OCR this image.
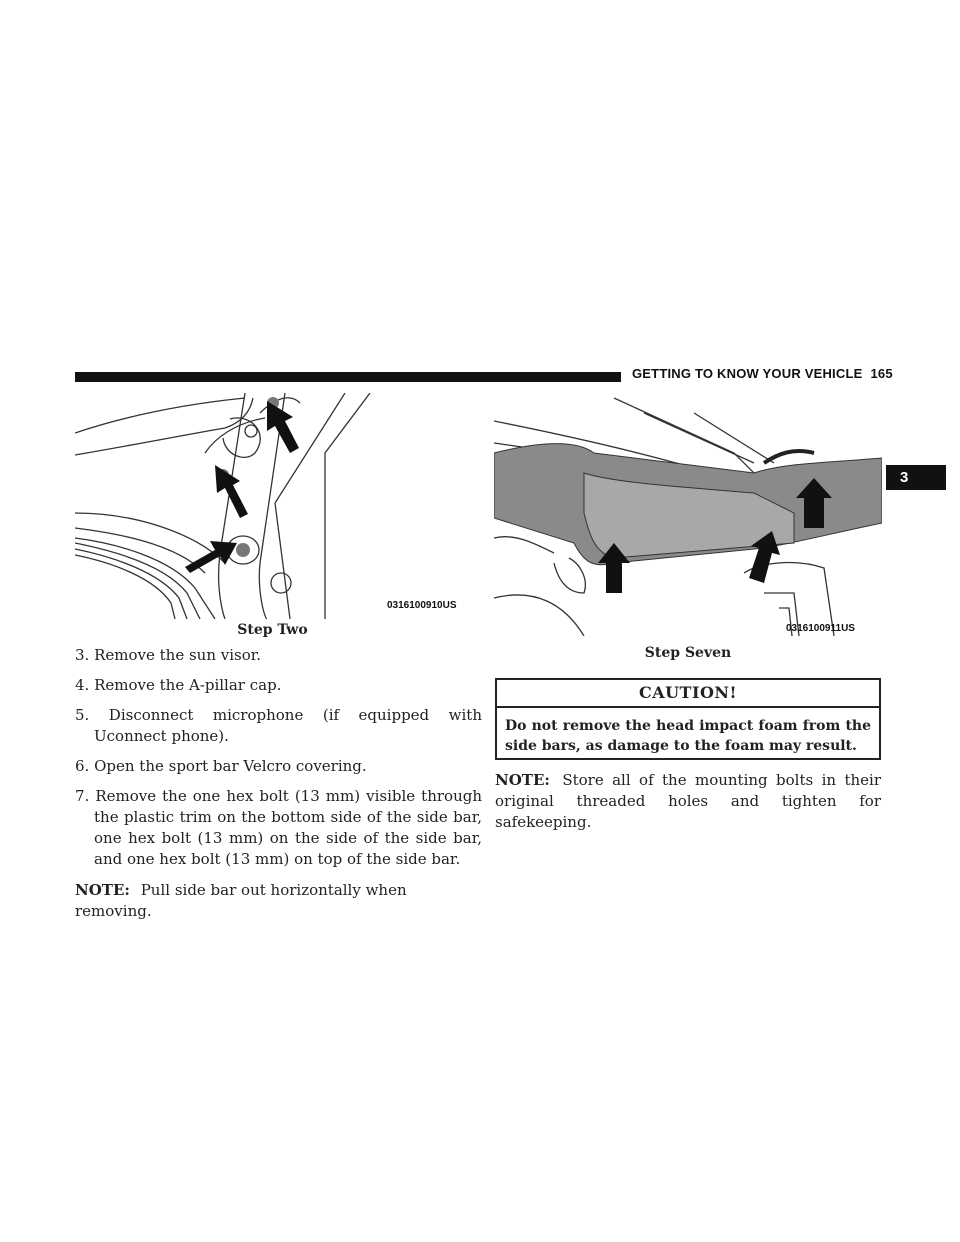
GETTING TO KNOW YOUR VEHICLE 165
3
0316100910US
Step Two	0316100911US
Step Seven
3. Remove the sun visor.
4. Remove the A-pillar cap.
5. Disconnect microphone (if equipped with Uconnect phone).
6. Open the sport bar Velcro covering.
7. Remove the one hex bolt (13 mm) visible through the plastic trim on the bottom side of the side bar, one hex bolt (13 mm) on the side of the side bar, and one hex bolt (13 mm) on top of the side bar.
NOTE: Pull side bar out horizontally when removing.
CAUTION!
Do not remove the head impact foam from the side bars, as damage to the foam may result.
NOTE: Store all of the mounting bolts in their original threaded holes and tighten for safekeeping.
